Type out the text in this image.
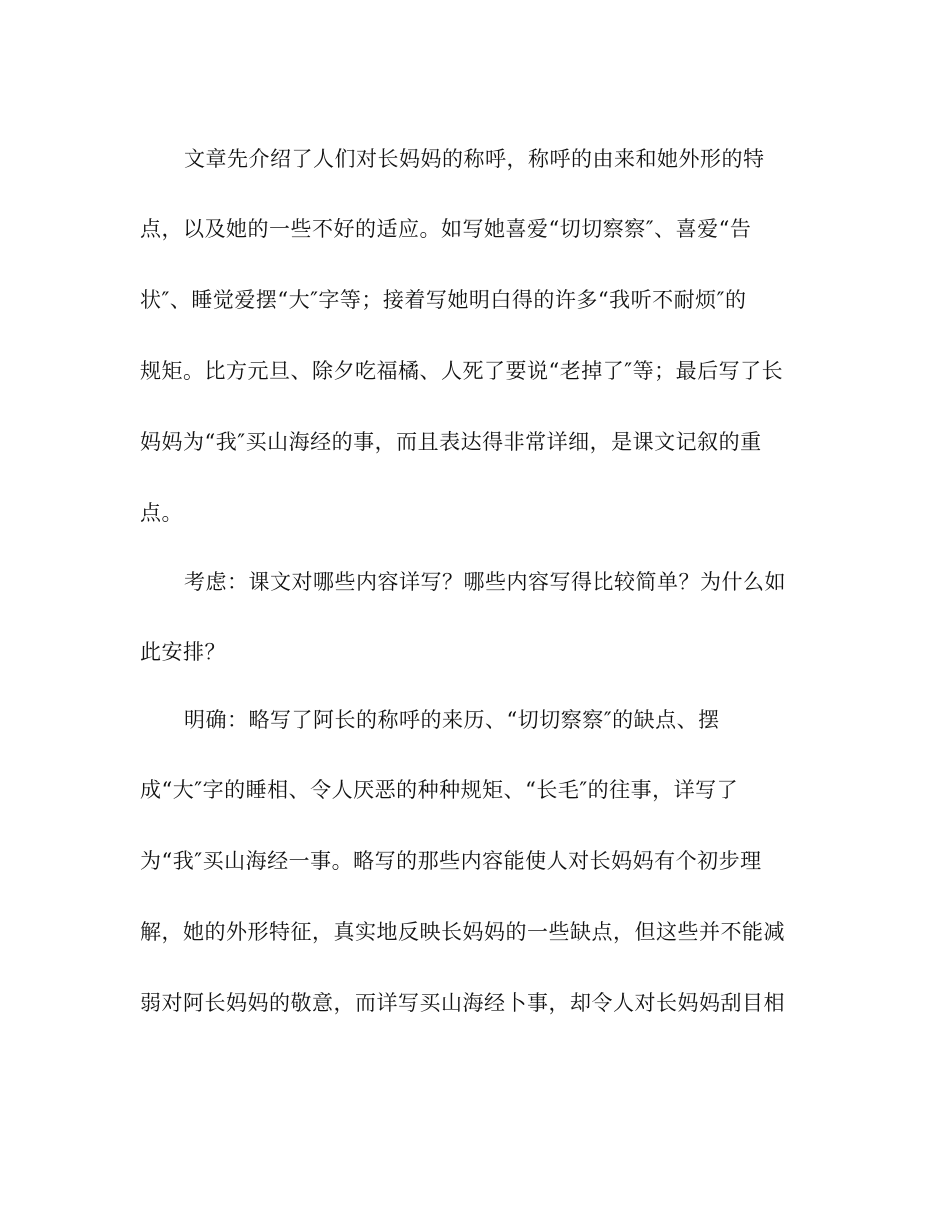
文章先介绍了人们对长妈妈的称呼，称呼的由来和她外形的特
点，以及她的一些不好的适应。如写她喜爱“切切察察″、喜爱“告
状″、睡觉爱摆“大″字等；接着写她明白得的许多“我听不耐烦″的
规矩。比方元旦、除夕吃福橘、人死了要说“老掉了″等；最后写了长
妈妈为“我″买山海经的事，而且表达得非常详细，是课文记叙的重
点。
考虑：课文对哪些内容详写？哪些内容写得比较简单？为什么如
此安排？
明确：略写了阿长的称呼的来历、“切切察察″的缺点、摆
成“大″字的睡相、令人厌恶的种种规矩、“长毛″的往事，详写了
为“我″买山海经一事。略写的那些内容能使人对长妈妈有个初步理
解，她的外形特征，真实地反映长妈妈的一些缺点，但这些并不能减
弱对阿长妈妈的敬意，而详写买山海经卜事，却令人对长妈妈刮目相
